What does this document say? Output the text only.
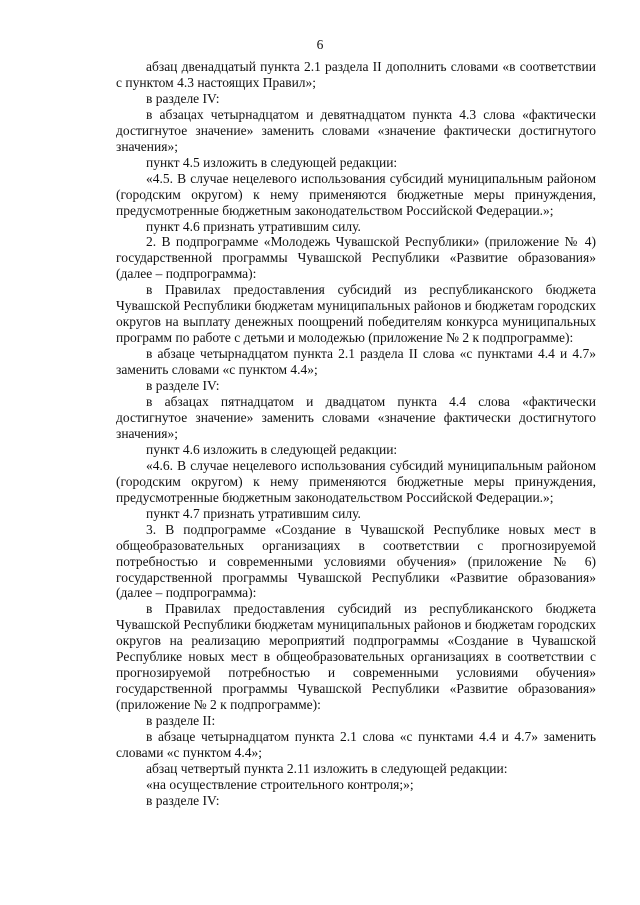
6

абзац двенадцатый пункта 2.1 раздела II дополнить словами «в соответствии с пунктом 4.3 настоящих Правил»;

в разделе IV:

в абзацах четырнадцатом и девятнадцатом пункта 4.3 слова «фактически достигнутое значение» заменить словами «значение фактически достигнутого значения»;

пункт 4.5 изложить в следующей редакции:

«4.5. В случае нецелевого использования субсидий муниципальным районом (городским округом) к нему применяются бюджетные меры принуждения, предусмотренные бюджетным законодательством Российской Федерации.»;

пункт 4.6 признать утратившим силу.

2. В подпрограмме «Молодежь Чувашской Республики» (приложение № 4) государственной программы Чувашской Республики «Развитие образования» (далее – подпрограмма):

в Правилах предоставления субсидий из республиканского бюджета Чувашской Республики бюджетам муниципальных районов и бюджетам городских округов на выплату денежных поощрений победителям конкурса муниципальных программ по работе с детьми и молодежью (приложение № 2 к подпрограмме):

в абзаце четырнадцатом пункта 2.1 раздела II слова «с пунктами 4.4 и 4.7» заменить словами «с пунктом 4.4»;

в разделе IV:

в абзацах пятнадцатом и двадцатом пункта 4.4 слова «фактически достигнутое значение» заменить словами «значение фактически достигнутого значения»;

пункт 4.6 изложить в следующей редакции:

«4.6. В случае нецелевого использования субсидий муниципальным районом (городским округом) к нему применяются бюджетные меры принуждения, предусмотренные бюджетным законодательством Российской Федерации.»;

пункт 4.7 признать утратившим силу.

3. В подпрограмме «Создание в Чувашской Республике новых мест в общеобразовательных организациях в соответствии с прогнозируемой потребностью и современными условиями обучения» (приложение № 6) государственной программы Чувашской Республики «Развитие образования» (далее – подпрограмма):

в Правилах предоставления субсидий из республиканского бюджета Чувашской Республики бюджетам муниципальных районов и бюджетам городских округов на реализацию мероприятий подпрограммы «Создание в Чувашской Республике новых мест в общеобразовательных организациях в соответствии с прогнозируемой потребностью и современными условиями обучения» государственной программы Чувашской Республики «Развитие образования» (приложение № 2 к подпрограмме):

в разделе II:

в абзаце четырнадцатом пункта 2.1 слова «с пунктами 4.4 и 4.7» заменить словами «с пунктом 4.4»;

абзац четвертый пункта 2.11 изложить в следующей редакции:

«на осуществление строительного контроля;»;

в разделе IV:
